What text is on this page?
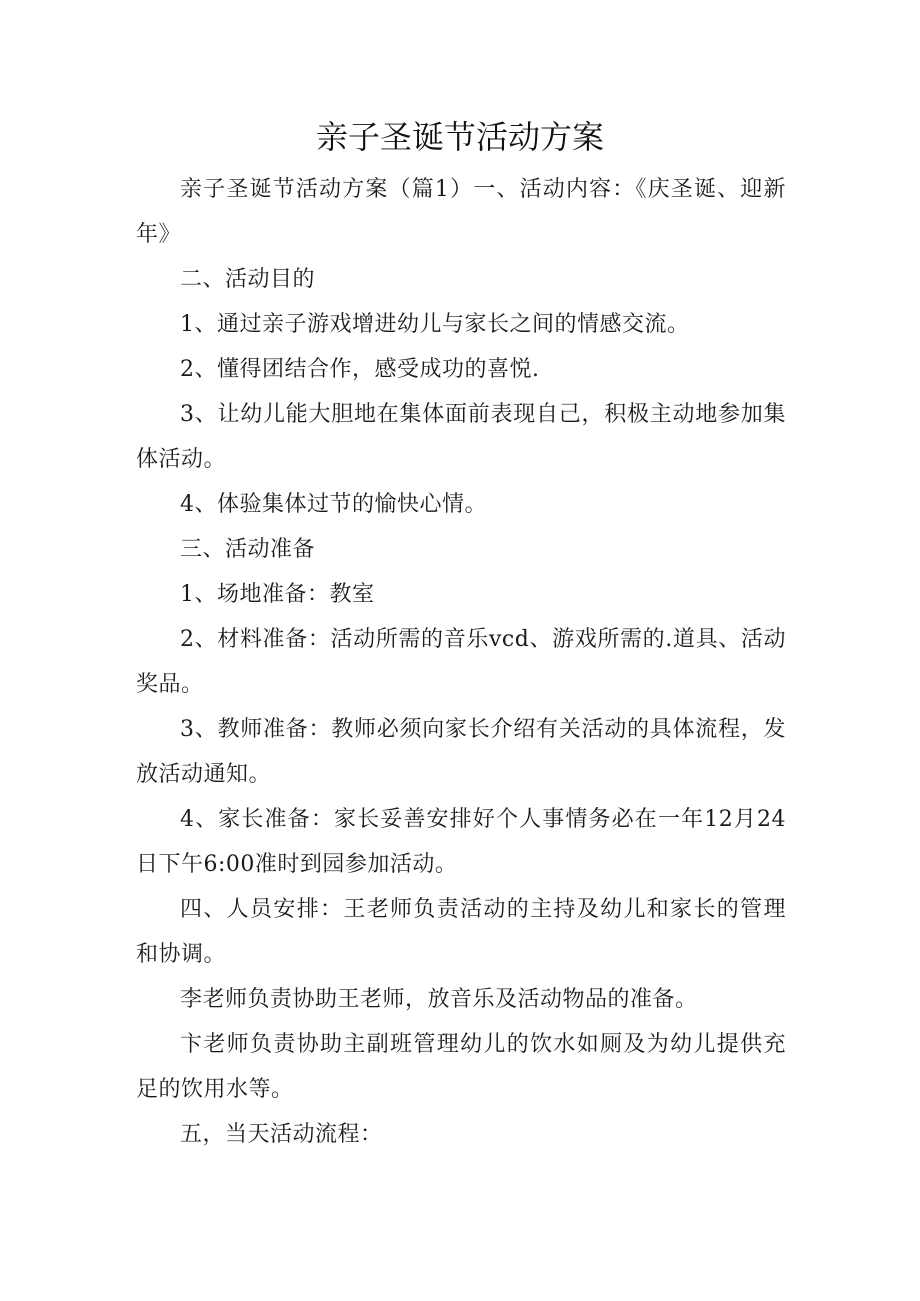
亲子圣诞节活动方案

亲子圣诞节活动方案（篇1）一、活动内容：《庆圣诞、迎新年》

二、活动目的

1、通过亲子游戏增进幼儿与家长之间的情感交流。

2、懂得团结合作，感受成功的喜悦.

3、让幼儿能大胆地在集体面前表现自己，积极主动地参加集体活动。

4、体验集体过节的愉快心情。

三、活动准备

1、场地准备：教室

2、材料准备：活动所需的音乐vcd、游戏所需的.道具、活动奖品。

3、教师准备：教师必须向家长介绍有关活动的具体流程，发放活动通知。

4、家长准备：家长妥善安排好个人事情务必在一年12月24日下午6:00准时到园参加活动。

四、人员安排：王老师负责活动的主持及幼儿和家长的管理和协调。

李老师负责协助王老师，放音乐及活动物品的准备。

卞老师负责协助主副班管理幼儿的饮水如厕及为幼儿提供充足的饮用水等。

五，当天活动流程：
